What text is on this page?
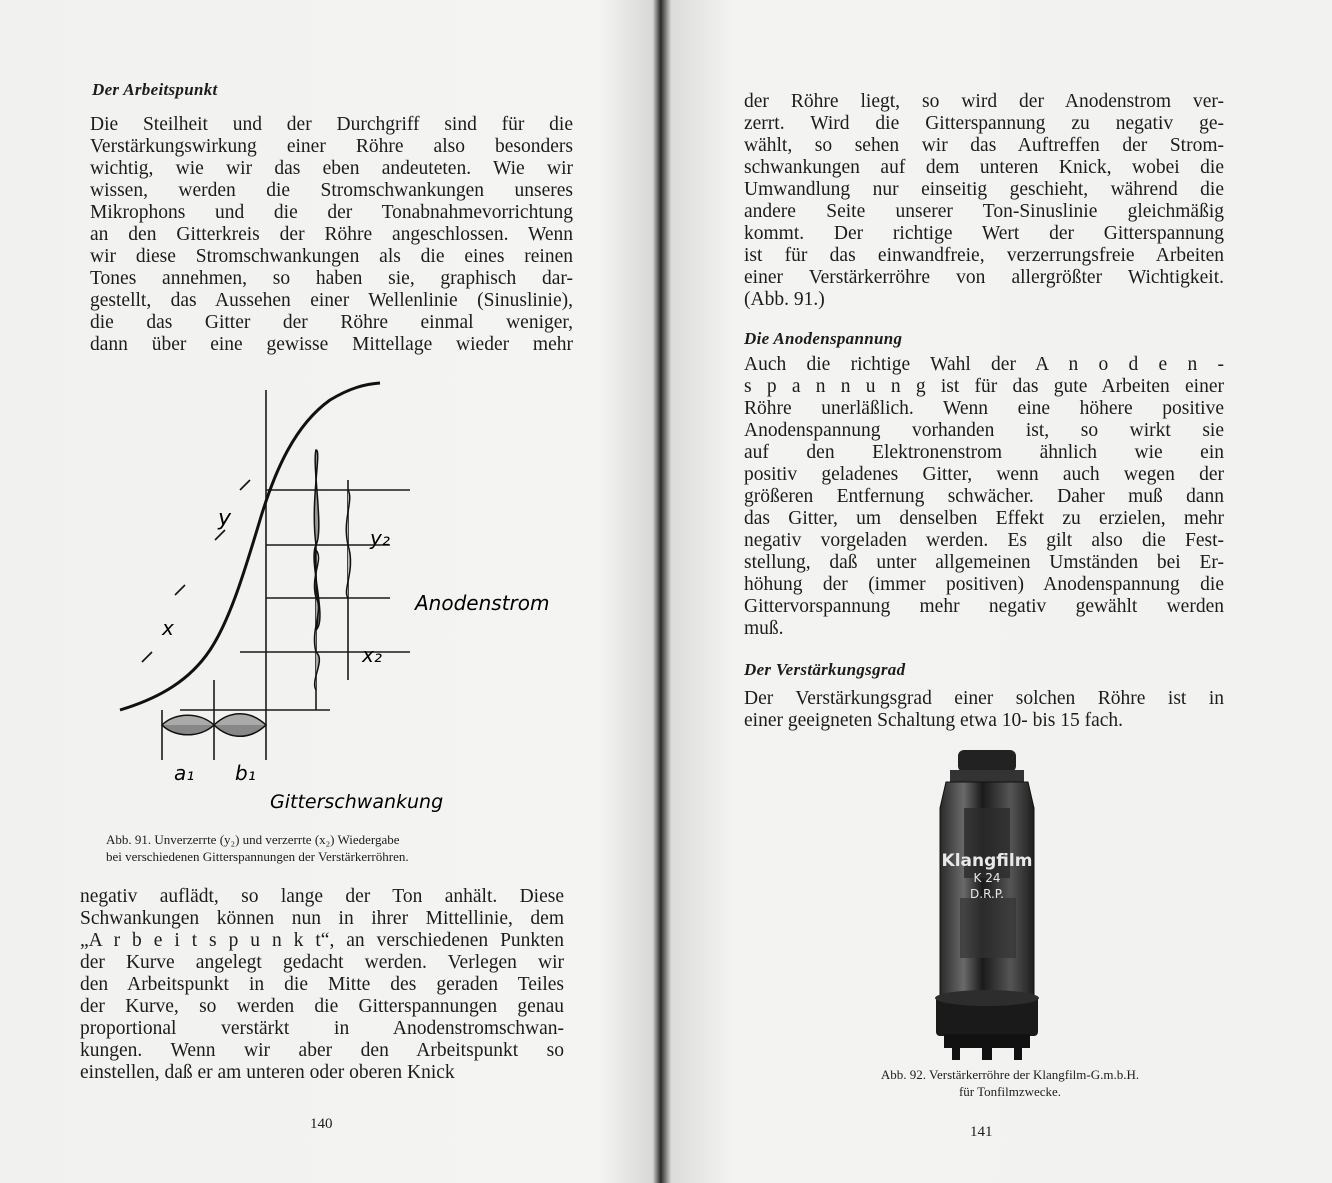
Der Arbeitspunkt
Die Steilheit und der Durchgriff sind für die
Verstärkungswirkung einer Röhre also besonders
wichtig, wie wir das eben andeuteten. Wie wir
wissen, werden die Stromschwankungen unseres
Mikrophons und die der Tonabnahmevorrichtung
an den Gitterkreis der Röhre angeschlossen. Wenn
wir diese Stromschwankungen als die eines reinen
Tones annehmen, so haben sie, graphisch dar-
gestellt, das Aussehen einer Wellenlinie (Sinuslinie),
die das Gitter der Röhre einmal weniger,
dann über eine gewisse Mittellage wieder mehr
y
y₂
x
x₂
Anodenstrom
a₁ b₁
Gitterschwankung
Abb. 91. Unverzerrte (y₂) und verzerrte (x₂) Wiedergabe
bei verschiedenen Gitterspannungen der Verstärkerröhren.
negativ auflädt, so lange der Ton anhält. Diese
Schwankungen können nun in ihrer Mittellinie, dem
„A r b e i t s p u n k t“, an verschiedenen Punkten
der Kurve angelegt gedacht werden. Verlegen wir
den Arbeitspunkt in die Mitte des geraden Teiles
der Kurve, so werden die Gitterspannungen genau
proportional verstärkt in Anodenstromschwan-
kungen. Wenn wir aber den Arbeitspunkt so
einstellen, daß er am unteren oder oberen Knick
140
der Röhre liegt, so wird der Anodenstrom ver-
zerrt. Wird die Gitterspannung zu negativ ge-
wählt, so sehen wir das Auftreffen der Strom-
schwankungen auf dem unteren Knick, wobei die
Umwandlung nur einseitig geschieht, während die
andere Seite unserer Ton-Sinuslinie gleichmäßig
kommt. Der richtige Wert der Gitterspannung
ist für das einwandfreie, verzerrungsfreie Arbeiten
einer Verstärkerröhre von allergrößter Wichtigkeit.
(Abb. 91.)
Die Anodenspannung
Auch die richtige Wahl der A n o d e n -
s p a n n u n g ist für das gute Arbeiten einer
Röhre unerläßlich. Wenn eine höhere positive
Anodenspannung vorhanden ist, so wirkt sie
auf den Elektronenstrom ähnlich wie ein
positiv geladenes Gitter, wenn auch wegen der
größeren Entfernung schwächer. Daher muß dann
das Gitter, um denselben Effekt zu erzielen, mehr
negativ vorgeladen werden. Es gilt also die Fest-
stellung, daß unter allgemeinen Umständen bei Er-
höhung der (immer positiven) Anodenspannung die
Gittervorspannung mehr negativ gewählt werden
muß.
Der Verstärkungsgrad
Der Verstärkungsgrad einer solchen Röhre ist in
einer geeigneten Schaltung etwa 10- bis 15 fach.
Klangfilm
K 24
D.R.P.
Abb. 92. Verstärkerröhre der Klangfilm-G.m.b.H.
für Tonfilmzwecke.
141
